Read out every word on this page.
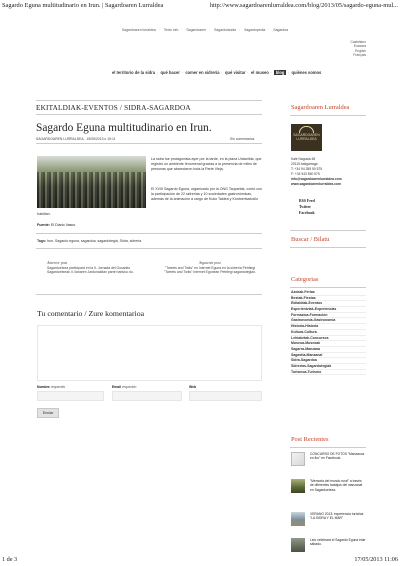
Sagardo Eguna multitudinario en Irun. | Sagardoaren Lurraldea	http://www.sagardoarenlurraldea.com/blog/2013/05/sagardo-eguna-mul...
Sagardoaren lurraldea · Texto info · Sagardoaren · Sagardolandia · Sagardopedia · Sagardoa
Castellano
Euskara
English
Français
el territorio de la sidra · qué hacer · comer en sidrería · qué visitar · el museo · blog · quiénes somos
EKITALDIAK-EVENTOS / SIDRA-SAGARDOA
Sagardo Eguna multitudinario en Irun.
SAGARDOAREN LURRALDEA - 15/05/2013 o 15:11	Sin comentarios
La sidra fue protagonista ayer por la tarde, en la plaza Urdanibia, que registró un ambiente fenomenal gracias a la presencia de miles de personas que abarrotaron toda la Parte Vieja.
El XVIII Sagardo Eguna, organizado por la ONG Tauparlak, contó con la participación de 22 sidrerías y 10 sociedades gastronómicas, además de la animación a cargo de Kuko Taldea y Kontxertsatoxilo
Irakitian.
Fuente: El Diario Vasco
Tags: Irun, Sagardo eguna, sagardoa, sagardotegia, Sidra, sidreria
Anterior post
Sagardoetxea participará en la II. Jornada del Gusanito Sagardoetxeak II. llanaren Jardunaldian parte hartuko du.
Siguiente post
"Tweets and Twits" en Internet Eguna en la sidrería Petritegi "Tweets and Twits" Internet Egunean Petritegi sagardotegian.
Tu comentario / Zure komentarioa
Nombre requerido	Email requerido	Web
Enviar
Sagardoaren Lurraldea
SAGARDOAREN LURRALDEA
Kale Nagusia 48
20115 Astigarraga
T: +34 94 355 50 575
F: +34 943 550 575
info@sagardoarenlurraldea.com
www.sagardoarenlurraldea.com
RSS Feed
Twitter
Facebook
Buscar / Bilatu
Categorias
Azokak-Ferias
Bestak-Fiestas
Ekitaldiak-Eventos
Esperientziak-Experiencias
Formazioa-Formación
Gastronomia-Gastronomía
Historia-Historia
Kultura-Cultura
Lehiaketak-Concursos
Museoa-Museoak
Sagarra-Manzana
Sagastia-Manzanal
Sidra-Sagardoa
Sidrerias-Sagardotegiak
Turismoa-Turismo
Post Recientes
CONCURSO DE FOTOS "Manzanos en flor" en Facebook.
"Memoria del mundo rural" a través de diferentes trabajos del manzanal en Sagardoetxea.
VERANO 2013: experiencia turística "LA SIDRA Y EL MAR"
Leio celebrará el Sagardo Eguna este sábado.
1 de 3	17/05/2013 11:06
